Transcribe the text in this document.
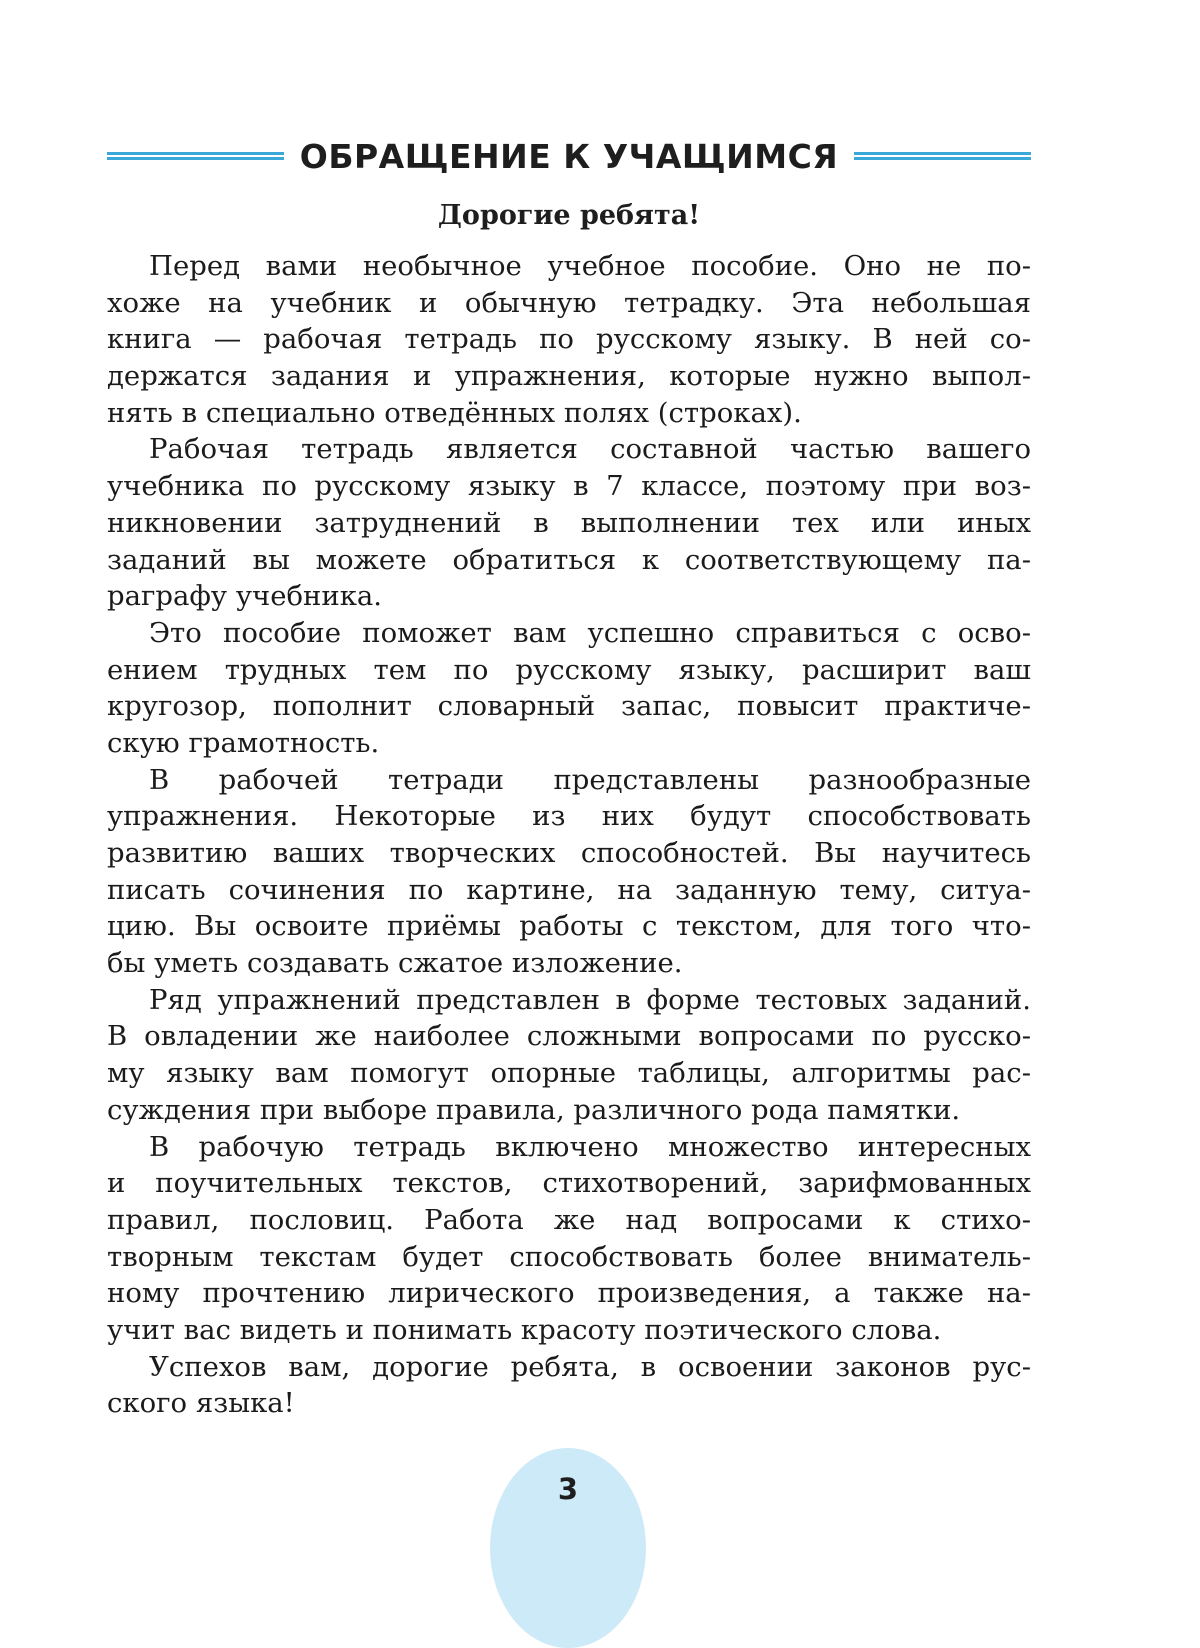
ОБРАЩЕНИЕ К УЧАЩИМСЯ
Дорогие ребята!
Перед вами необычное учебное пособие. Оно не по-
хоже на учебник и обычную тетрадку. Эта небольшая
книга — рабочая тетрадь по русскому языку. В ней со-
держатся задания и упражнения, которые нужно выпол-
нять в специально отведённых полях (строках).
Рабочая тетрадь является составной частью вашего
учебника по русскому языку в 7 классе, поэтому при воз-
никновении затруднений в выполнении тех или иных
заданий вы можете обратиться к соответствующему па-
раграфу учебника.
Это пособие поможет вам успешно справиться с осво-
ением трудных тем по русскому языку, расширит ваш
кругозор, пополнит словарный запас, повысит практиче-
скую грамотность.
В рабочей тетради представлены разнообразные
упражнения. Некоторые из них будут способствовать
развитию ваших творческих способностей. Вы научитесь
писать сочинения по картине, на заданную тему, ситуа-
цию. Вы освоите приёмы работы с текстом, для того что-
бы уметь создавать сжатое изложение.
Ряд упражнений представлен в форме тестовых заданий.
В овладении же наиболее сложными вопросами по русско-
му языку вам помогут опорные таблицы, алгоритмы рас-
суждения при выборе правила, различного рода памятки.
В рабочую тетрадь включено множество интересных
и поучительных текстов, стихотворений, зарифмованных
правил, пословиц. Работа же над вопросами к стихо-
творным текстам будет способствовать более вниматель-
ному прочтению лирического произведения, а также на-
учит вас видеть и понимать красоту поэтического слова.
Успехов вам, дорогие ребята, в освоении законов рус-
ского языка!
3
